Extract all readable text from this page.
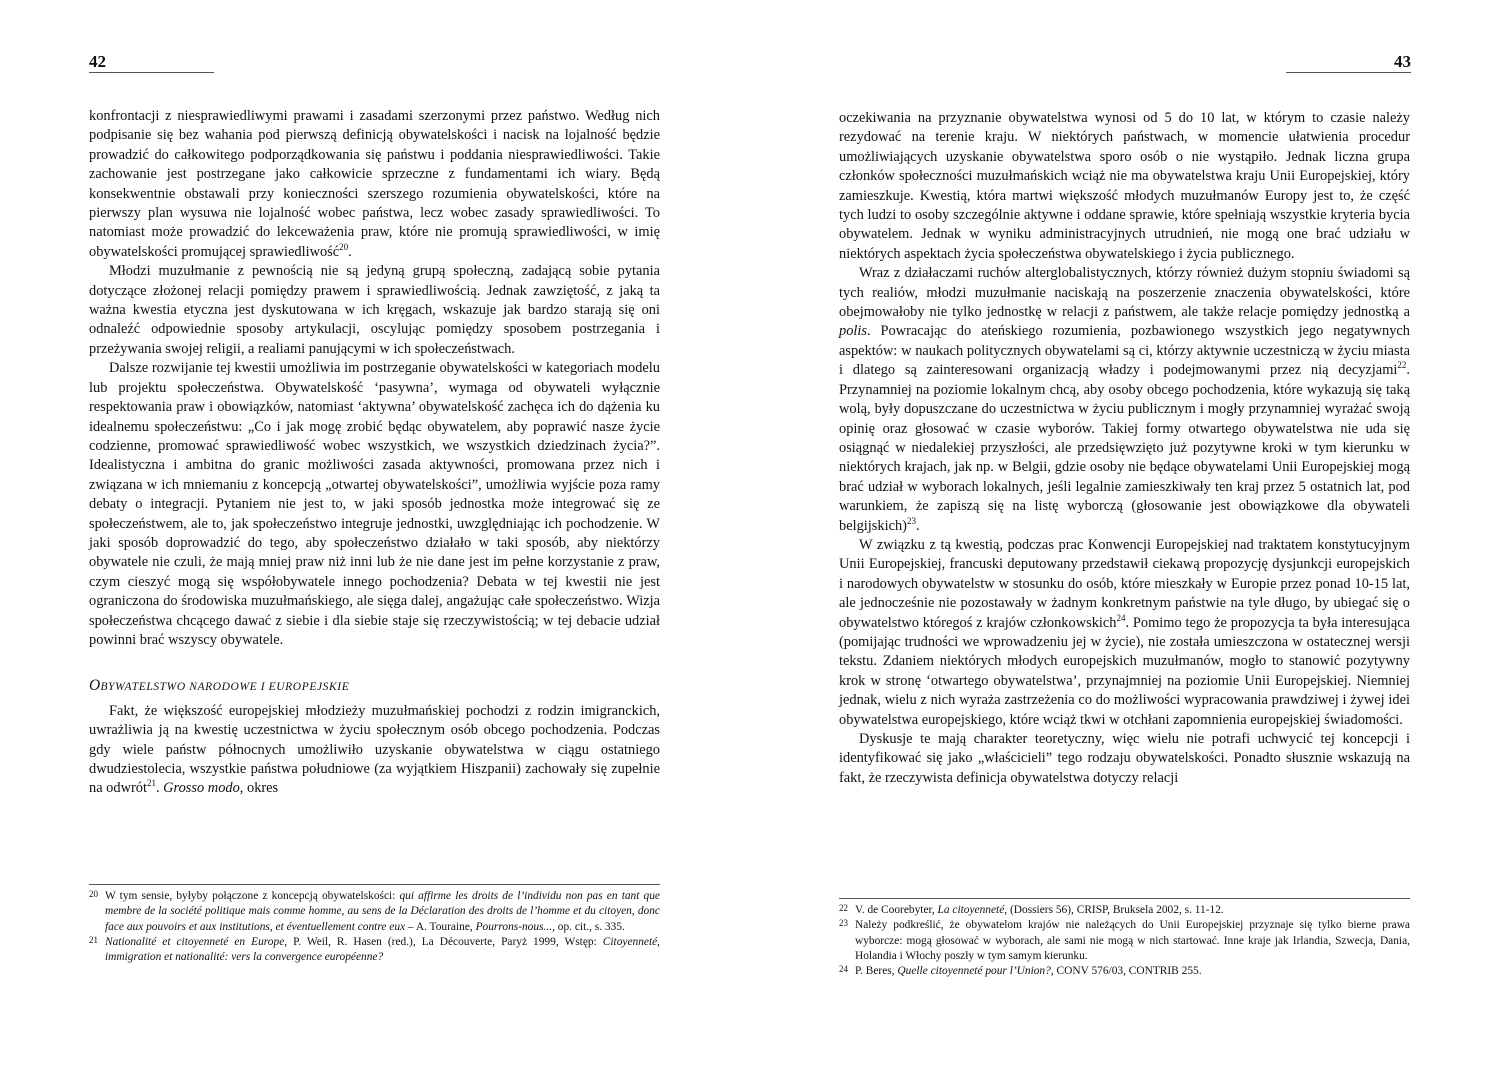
42

konfrontacji z niesprawiedliwymi prawami i zasadami szerzonymi przez państwo. Według nich podpisanie się bez wahania pod pierwszą definicją obywatelskości i nacisk na lojalność będzie prowadzić do całkowitego podporządkowania się państwu i poddania niesprawiedliwości. Takie zachowanie jest postrzegane jako całkowicie sprzeczne z fundamentami ich wiary. Będą konsekwentnie obstawali przy konieczności szerszego rozumienia obywatelskości, które na pierwszy plan wysuwa nie lojalność wobec państwa, lecz wobec zasady sprawiedliwości. To natomiast może prowadzić do lekceważenia praw, które nie promują sprawiedliwości, w imię obywatelskości promującej sprawiedliwość$^{20}$.

Młodzi muzułmanie z pewnością nie są jedyną grupą społeczną, zadającą sobie pytania dotyczące złożonej relacji pomiędzy prawem i sprawiedliwością. Jednak zawziętość, z jaką ta ważna kwestia etyczna jest dyskutowana w ich kręgach, wskazuje jak bardzo starają się oni odnaleźć odpowiednie sposoby artykulacji, oscylując pomiędzy sposobem postrzegania i przeżywania swojej religii, a realiami panującymi w ich społeczeństwach.

Dalsze rozwijanie tej kwestii umożliwia im postrzeganie obywatelskości w kategoriach modelu lub projektu społeczeństwa. Obywatelskość ‘pasywna’, wymaga od obywateli wyłącznie respektowania praw i obowiązków, natomiast ‘aktywna’ obywatelskość zachęca ich do dążenia ku idealnemu społeczeństwu: „Co i jak mogę zrobić będąc obywatelem, aby poprawić nasze życie codzienne, promować sprawiedliwość wobec wszystkich, we wszystkich dziedzinach życia?”. Idealistyczna i ambitna do granic możliwości zasada aktywności, promowana przez nich i związana w ich mniemaniu z koncepcją „otwartej obywatelskości”, umożliwia wyjście poza ramy debaty o integracji. Pytaniem nie jest to, w jaki sposób jednostka może integrować się ze społeczeństwem, ale to, jak społeczeństwo integruje jednostki, uwzględniając ich pochodzenie. W jaki sposób doprowadzić do tego, aby społeczeństwo działało w taki sposób, aby niektórzy obywatele nie czuli, że mają mniej praw niż inni lub że nie dane jest im pełne korzystanie z praw, czym cieszyć mogą się współobywatele innego pochodzenia? Debata w tej kwestii nie jest ograniczona do środowiska muzułmańskiego, ale sięga dalej, angażując całe społeczeństwo. Wizja społeczeństwa chcącego dawać z siebie i dla siebie staje się rzeczywistością; w tej debacie udział powinni brać wszyscy obywatele.

OBYWATELSTWO NARODOWE I EUROPEJSKIE

Fakt, że większość europejskiej młodzieży muzułmańskiej pochodzi z rodzin imigranckich, uwrażliwia ją na kwestię uczestnictwa w życiu społecznym osób obcego pochodzenia. Podczas gdy wiele państw północnych umożliwiło uzyskanie obywatelstwa w ciągu ostatniego dwudziestolecia, wszystkie państwa południowe (za wyjątkiem Hiszpanii) zachowały się zupełnie na odwrót$^{21}$. Grosso modo, okres

20 W tym sensie, byłyby połączone z koncepcją obywatelskości: qui affirme les droits de l’individu non pas en tant que membre de la société politique mais comme homme, au sens de la Déclaration des droits de l’homme et du citoyen, donc face aux pouvoirs et aux institutions, et éventuellement contre eux – A. Touraine, Pourrons-nous..., op. cit., s. 335.

21 Nationalité et citoyenneté en Europe, P. Weil, R. Hasen (red.), La Découverte, Paryż 1999, Wstęp: Citoyenneté, immigration et nationalité: vers la convergence européenne?

43

oczekiwania na przyznanie obywatelstwa wynosi od 5 do 10 lat, w którym to czasie należy rezydować na terenie kraju. W niektórych państwach, w momencie ułatwienia procedur umożliwiających uzyskanie obywatelstwa sporo osób o nie wystąpiło. Jednak liczna grupa członków społeczności muzułmańskich wciąż nie ma obywatelstwa kraju Unii Europejskiej, który zamieszkuje. Kwestią, która martwi większość młodych muzułmanów Europy jest to, że część tych ludzi to osoby szczególnie aktywne i oddane sprawie, które spełniają wszystkie kryteria bycia obywatelem. Jednak w wyniku administracyjnych utrudnień, nie mogą one brać udziału w niektórych aspektach życia społeczeństwa obywatelskiego i życia publicznego.

Wraz z działaczami ruchów alterglobalistycznych, którzy również dużym stopniu świadomi są tych realiów, młodzi muzułmanie naciskają na poszerzenie znaczenia obywatelskości, które obejmowałoby nie tylko jednostkę w relacji z państwem, ale także relacje pomiędzy jednostką a polis. Powracając do ateńskiego rozumienia, pozbawionego wszystkich jego negatywnych aspektów: w naukach politycznych obywatelami są ci, którzy aktywnie uczestniczą w życiu miasta i dlatego są zainteresowani organizacją władzy i podejmowanymi przez nią decyzjami$^{22}$. Przynamniej na poziomie lokalnym chcą, aby osoby obcego pochodzenia, które wykazują się taką wolą, były dopuszczane do uczestnictwa w życiu publicznym i mogły przynamniej wyrażać swoją opinię oraz głosować w czasie wyborów. Takiej formy otwartego obywatelstwa nie uda się osiągnąć w niedalekiej przyszłości, ale przedsięwzięto już pozytywne kroki w tym kierunku w niektórych krajach, jak np. w Belgii, gdzie osoby nie będące obywatelami Unii Europejskiej mogą brać udział w wyborach lokalnych, jeśli legalnie zamieszkiwały ten kraj przez 5 ostatnich lat, pod warunkiem, że zapiszą się na listę wyborczą (głosowanie jest obowiązkowe dla obywateli belgijskich)$^{23}$.

W związku z tą kwestią, podczas prac Konwencji Europejskiej nad traktatem konstytucyjnym Unii Europejskiej, francuski deputowany przedstawił ciekawą propozycję dysjunkcji europejskich i narodowych obywatelstw w stosunku do osób, które mieszkały w Europie przez ponad 10-15 lat, ale jednocześnie nie pozostawały w żadnym konkretnym państwie na tyle długo, by ubiegać się o obywatelstwo któregoś z krajów członkowskich$^{24}$. Pomimo tego że propozycja ta była interesująca (pomijając trudności we wprowadzeniu jej w życie), nie została umieszczona w ostatecznej wersji tekstu. Zdaniem niektórych młodych europejskich muzułmanów, mogło to stanowić pozytywny krok w stronę ‘otwartego obywatelstwa’, przynajmniej na poziomie Unii Europejskiej. Niemniej jednak, wielu z nich wyraża zastrzeżenia co do możliwości wypracowania prawdziwej i żywej idei obywatelstwa europejskiego, które wciąż tkwi w otchłani zapomnienia europejskiej świadomości.

Dyskusje te mają charakter teoretyczny, więc wielu nie potrafi uchwycić tej koncepcji i identyfikować się jako „właścicieli” tego rodzaju obywatelskości. Ponadto słusznie wskazują na fakt, że rzeczywista definicja obywatelstwa dotyczy relacji

22 V. de Coorebyter, La citoyenneté, (Dossiers 56), CRISP, Bruksela 2002, s. 11-12.

23 Należy podkreślić, że obywatelom krajów nie należących do Unii Europejskiej przyznaje się tylko bierne prawa wyborcze: mogą głosować w wyborach, ale sami nie mogą w nich startować. Inne kraje jak Irlandia, Szwecja, Dania, Holandia i Włochy poszły w tym samym kierunku.

24 P. Beres, Quelle citoyenneté pour l’Union?, CONV 576/03, CONTRIB 255.
